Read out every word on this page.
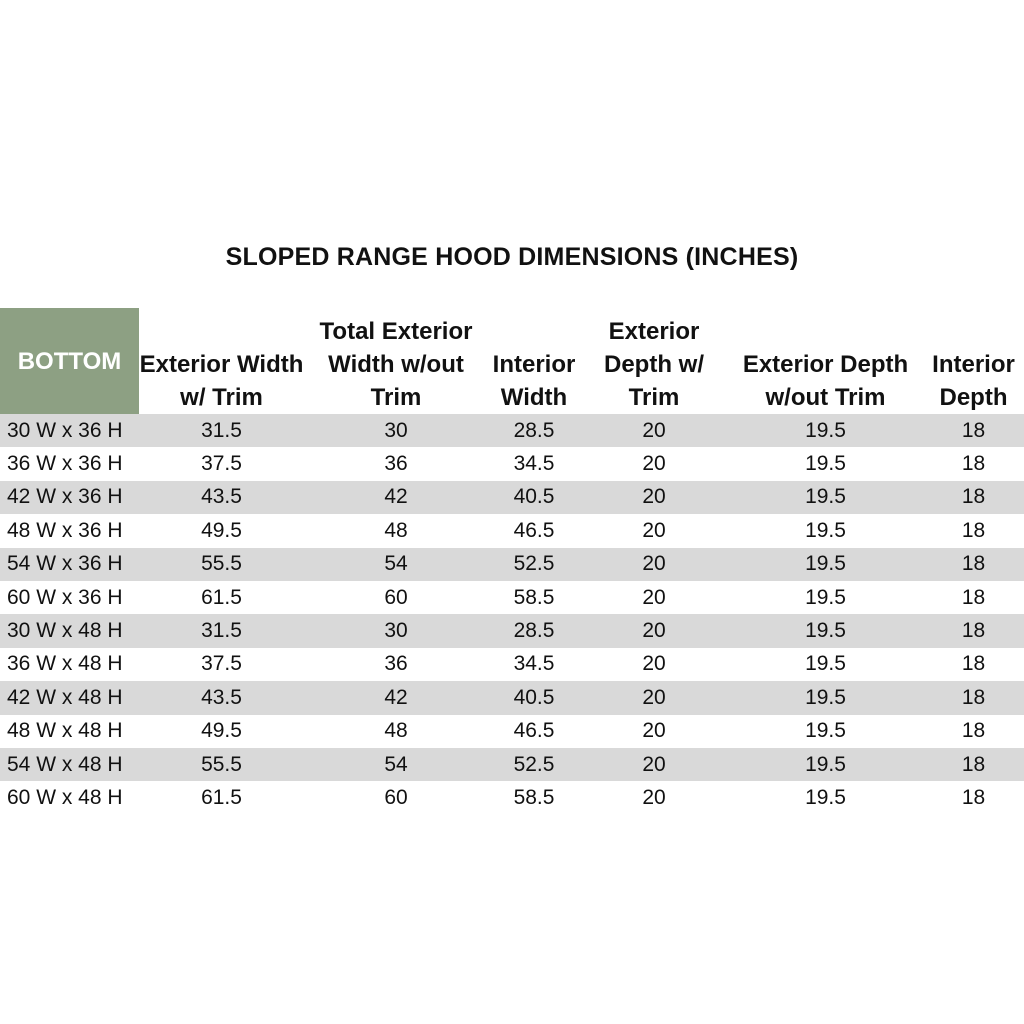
SLOPED RANGE HOOD DIMENSIONS (INCHES)
BOTTOM	Exterior Width w/ Trim	Total Exterior Width w/out Trim	Interior Width	Exterior Depth w/ Trim	Exterior Depth w/out Trim	Interior Depth
30 W x 36 H	31.5	30	28.5	20	19.5	18
36 W x 36 H	37.5	36	34.5	20	19.5	18
42 W x 36 H	43.5	42	40.5	20	19.5	18
48 W x 36 H	49.5	48	46.5	20	19.5	18
54 W x 36 H	55.5	54	52.5	20	19.5	18
60 W x 36 H	61.5	60	58.5	20	19.5	18
30 W x 48 H	31.5	30	28.5	20	19.5	18
36 W x 48 H	37.5	36	34.5	20	19.5	18
42 W x 48 H	43.5	42	40.5	20	19.5	18
48 W x 48 H	49.5	48	46.5	20	19.5	18
54 W x 48 H	55.5	54	52.5	20	19.5	18
60 W x 48 H	61.5	60	58.5	20	19.5	18
